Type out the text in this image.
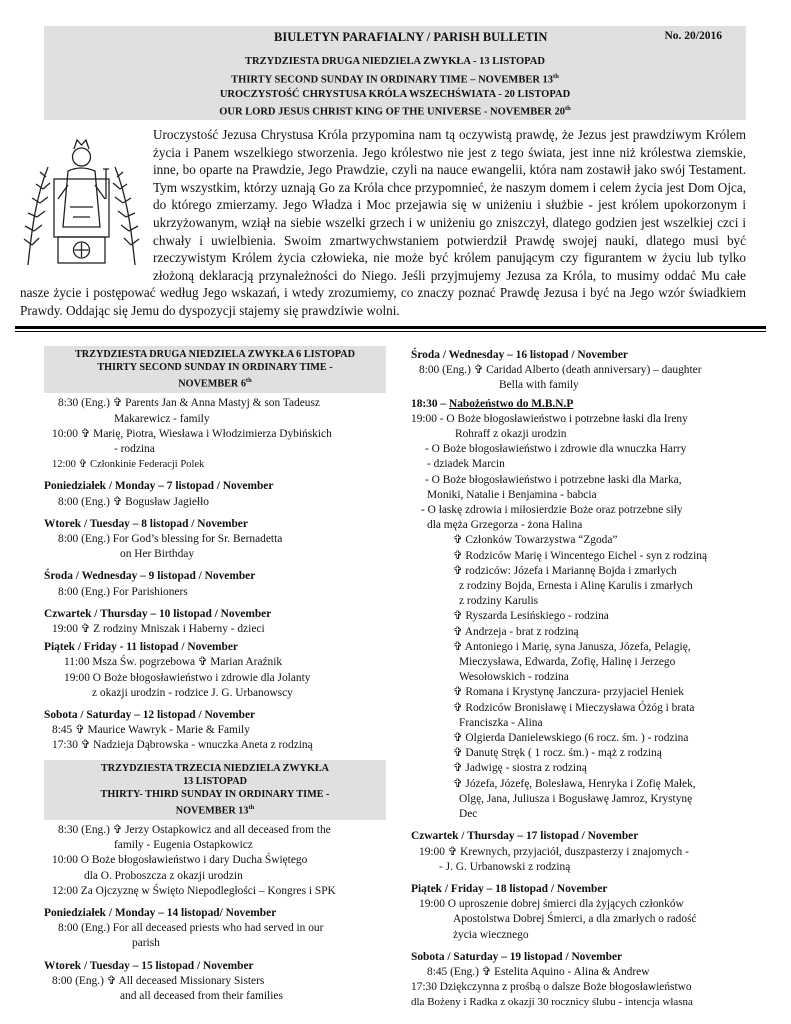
BIULETYN PARAFIALNY / PARISH BULLETIN	No. 20/2016
TRZYDZIESTA DRUGA NIEDZIELA ZWYKŁA - 13 LISTOPAD
THIRTY SECOND SUNDAY IN ORDINARY TIME – NOVEMBER 13th
UROCZYSTOŚĆ CHRYSTUSA KRÓLA WSZECHŚWIATA - 20 LISTOPAD
OUR LORD JESUS CHRIST KING OF THE UNIVERSE - NOVEMBER 20th

Uroczystość Jezusa Chrystusa Króla przypomina nam tą oczywistą prawdę, że Jezus jest prawdziwym Królem życia i Panem wszelkiego stworzenia. Jego królestwo nie jest z tego świata, jest inne niż królestwa ziemskie, inne, bo oparte na Prawdzie, Jego Prawdzie, czyli na nauce ewangelii, która nam zostawił jako swój Testament. Tym wszystkim, którzy uznają Go za Króla chce przypomnieć, że naszym domem i celem życia jest Dom Ojca, do którego zmierzamy. Jego Władza i Moc przejawia się w uniżeniu i służbie - jest królem upokorzonym i ukrzyżowanym, wziął na siebie wszelki grzech i w uniżeniu go zniszczył, dlatego godzien jest wszelkiej czci i chwały i uwielbienia. Swoim zmartwychwstaniem potwierdził Prawdę swojej nauki, dlatego musi być rzeczywistym Królem życia człowieka, nie może być królem panującym czy figurantem w życiu lub tylko złożoną deklaracją przynależności do Niego. Jeśli przyjmujemy Jezusa za Króla, to musimy oddać Mu całe nasze życie i postępować według Jego wskazań, i wtedy zrozumiemy, co znaczy poznać Prawdę Jezusa i być na Jego wzór świadkiem Prawdy. Oddając się Jemu do dyspozycji stajemy się prawdziwie wolni.

TRZYDZIESTA DRUGA NIEDZIELA ZWYKŁA 6 LISTOPAD
THIRTY SECOND SUNDAY IN ORDINARY TIME -
NOVEMBER 6th
8:30 (Eng.) ✞ Parents Jan & Anna Mastyj & son Tadeusz
Makarewicz - family
10:00 ✞ Marię, Piotra, Wiesława i Włodzimierza Dybińskich
- rodzina
12:00 ✞ Członkinie Federacji Polek
Poniedziałek / Monday – 7 listopad / November
8:00 (Eng.) ✞ Bogusław Jagiełło
Wtorek / Tuesday – 8 listopad / November
8:00 (Eng.) For God’s blessing for Sr. Bernadetta
on Her Birthday
Środa / Wednesday – 9 listopad / November
8:00 (Eng.) For Parishioners
Czwartek / Thursday – 10 listopad / November
19:00 ✞ Z rodziny Mniszak i Haberny - dzieci
Piątek / Friday - 11 listopad / November
11:00 Msza Św. pogrzebowa ✞ Marian Araźnik
19:00 O Boże błogosławieństwo i zdrowie dla Jolanty
z okazji urodzin - rodzice J. G. Urbanowscy
Sobota / Saturday – 12 listopad / November
8:45 ✞ Maurice Wawryk - Marie & Family
17:30 ✞ Nadzieja Dąbrowska - wnuczka Aneta z rodziną
TRZYDZIESTA TRZECIA NIEDZIELA ZWYKŁA
13 LISTOPAD
THIRTY- THIRD SUNDAY IN ORDINARY TIME -
NOVEMBER 13th
8:30 (Eng.) ✞ Jerzy Ostapkowicz and all deceased from the
family - Eugenia Ostapkowicz
10:00 O Boże błogosławieństwo i dary Ducha Świętego
dla O. Proboszcza z okazji urodzin
12:00 Za Ojczyznę w Święto Niepodległości – Kongres i SPK
Poniedziałek / Monday – 14 listopad/ November
8:00 (Eng.) For all deceased priests who had served in our
parish
Wtorek / Tuesday – 15 listopad / November
8:00 (Eng.) ✞ All deceased Missionary Sisters
and all deceased from their families
Środa / Wednesday – 16 listopad / November
8:00 (Eng.) ✞ Caridad Alberto (death anniversary) – daughter
Bella with family
18:30 – Nabożeństwo do M.B.N.P
19:00 - O Boże błogosławieństwo i potrzebne łaski dla Ireny
Rohraff z okazji urodzin
- O Boże błogosławieństwo i zdrowie dla wnuczka Harry
- dziadek Marcin
- O Boże błogosławieństwo i potrzebne łaski dla Marka,
Moniki, Natalie i Benjamina - babcia
- O łaskę zdrowia i miłosierdzie Boże oraz potrzebne siły
dla męża Grzegorza - żona Halina
✞ Członków Towarzystwa “Zgoda”
✞ Rodziców Marię i Wincentego Eichel - syn z rodziną
✞ rodziców: Józefa i Mariannę Bojda i zmarłych
z rodziny Bojda, Ernesta i Alinę Karulis i zmarłych
z rodziny Karulis
✞ Ryszarda Lesińskiego - rodzina
✞ Andrzeja - brat z rodziną
✞ Antoniego i Marię, syna Janusza, Józefa, Pelagię,
Mieczysława, Edwarda, Zofię, Halinę i Jerzego
Wesołowskich - rodzina
✞ Romana i Krystynę Janczura- przyjaciel Heniek
✞ Rodziców Bronisławę i Mieczysława Óżóg i brata
Franciszka - Alina
✞ Olgierda Danielewskiego (6 rocz. śm. ) - rodzina
✞ Danutę Stręk ( 1 rocz. śm.) - mąż z rodziną
✞ Jadwigę - siostra z rodziną
✞ Józefa, Józefę, Bolesława, Henryka i Zofię Małek,
Olgę, Jana, Juliusza i Bogusławę Jamroz, Krystynę
Dec
Czwartek / Thursday – 17 listopad / November
19:00 ✞ Krewnych, przyjaciół, duszpasterzy i znajomych -
- J. G. Urbanowski z rodziną
Piątek / Friday – 18 listopad / November
19:00 O uproszenie dobrej śmierci dla żyjących członków
Apostolstwa Dobrej Śmierci, a dla zmarłych o radość
życia wiecznego
Sobota / Saturday – 19 listopad / November
8:45 (Eng.) ✞ Estelita Aquino - Alina & Andrew
17:30 Dziękczynna z prośbą o dalsze Boże błogosławieństwo
dla Bożeny i Radka z okazji 30 rocznicy ślubu - intencja własna
